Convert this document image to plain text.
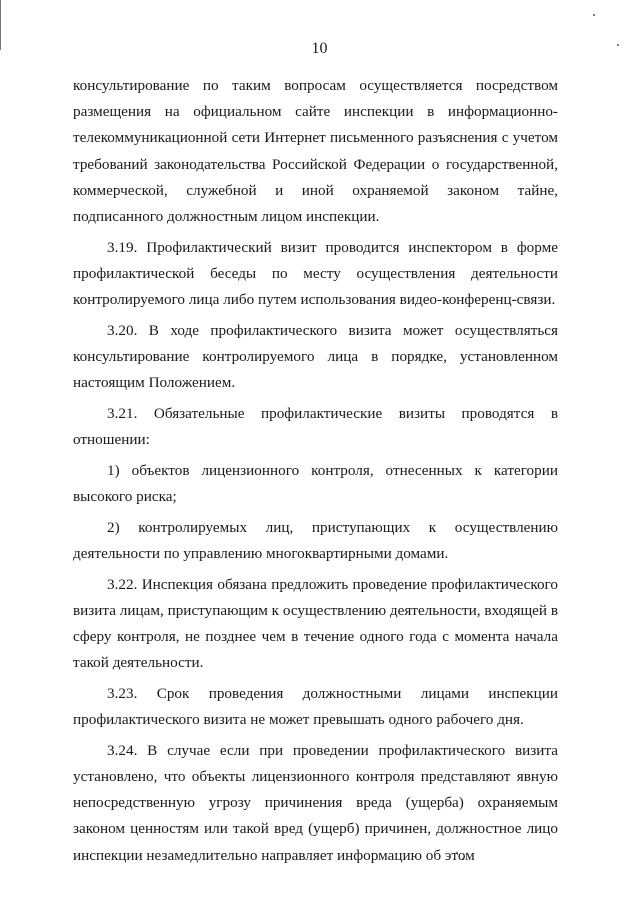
10
консультирование по таким вопросам осуществляется посредством
размещения на официальном сайте инспекции в информационно-
телекоммуникационной сети Интернет письменного разъяснения с учетом
требований законодательства Российской Федерации о государственной,
коммерческой, служебной и иной охраняемой законом тайне,
подписанного должностным лицом инспекции.
3.19. Профилактический визит проводится инспектором в форме
профилактической беседы по месту осуществления деятельности
контролируемого лица либо путем использования видео-конференц-связи.
3.20. В ходе профилактического визита может осуществляться
консультирование контролируемого лица в порядке, установленном
настоящим Положением.
3.21. Обязательные профилактические визиты проводятся в
отношении:
1) объектов лицензионного контроля, отнесенных к категории
высокого риска;
2) контролируемых лиц, приступающих к осуществлению
деятельности по управлению многоквартирными домами.
3.22. Инспекция обязана предложить проведение профилактического
визита лицам, приступающим к осуществлению деятельности, входящей в
сферу контроля, не позднее чем в течение одного года с момента начала
такой деятельности.
3.23. Срок проведения должностными лицами инспекции
профилактического визита не может превышать одного рабочего дня.
3.24. В случае если при проведении профилактического визита
установлено, что объекты лицензионного контроля представляют явную
непосредственную угрозу причинения вреда (ущерба) охраняемым
законом ценностям или такой вред (ущерб) причинен, должностное лицо
инспекции незамедлительно направляет информацию об этом
